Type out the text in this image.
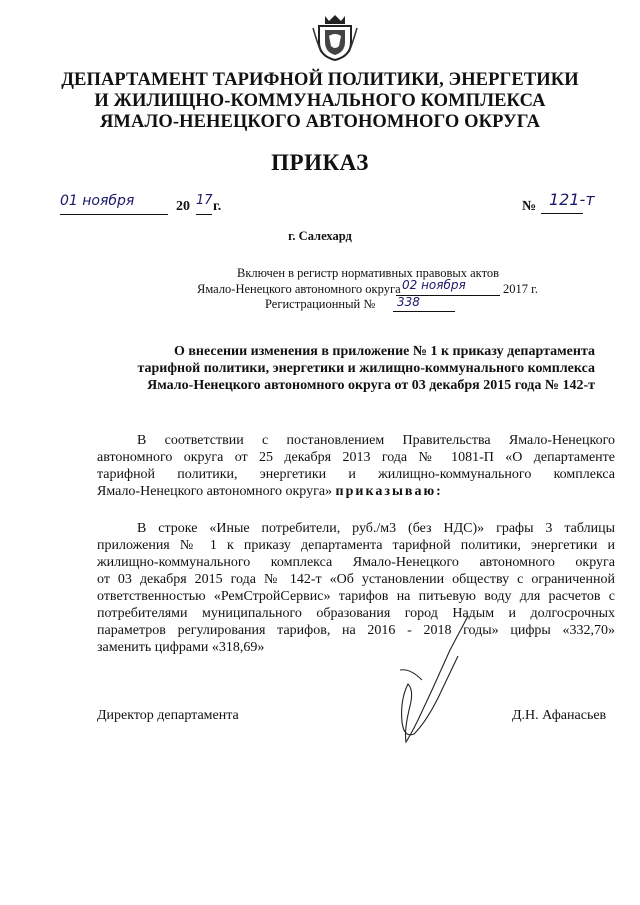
ДЕПАРТАМЕНТ ТАРИФНОЙ ПОЛИТИКИ, ЭНЕРГЕТИКИ
И ЖИЛИЩНО-КОММУНАЛЬНОГО КОМПЛЕКСА
ЯМАЛО-НЕНЕЦКОГО АВТОНОМНОГО ОКРУГА
ПРИКАЗ
01 ноября	20 17 г.	№ 121-т
г. Салехард
Включен в регистр нормативных правовых актов
Ямало-Ненецкого автономного округа 02 ноября	2017 г.
Регистрационный № 338
О внесении изменения в приложение № 1 к приказу департамента
тарифной политики, энергетики и жилищно-коммунального комплекса
Ямало-Ненецкого автономного округа от 03 декабря 2015 года № 142-т
В соответствии с постановлением Правительства Ямало-Ненецкого
автономного округа от 25 декабря 2013 года № 1081-П «О департаменте
тарифной политики, энергетики и жилищно-коммунального комплекса
Ямало-Ненецкого автономного округа» приказываю:
В строке «Иные потребители, руб./м3 (без НДС)» графы 3 таблицы
приложения № 1 к приказу департамента тарифной политики, энергетики и
жилищно-коммунального комплекса Ямало-Ненецкого автономного округа
от 03 декабря 2015 года № 142-т «Об установлении обществу с ограниченной
ответственностью «РемСтройСервис» тарифов на питьевую воду для расчетов с
потребителями муниципального образования город Надым и долгосрочных
параметров регулирования тарифов, на 2016 - 2018 годы» цифры «332,70»
заменить цифрами «318,69»
Директор департамента	Д.Н. Афанасьев
